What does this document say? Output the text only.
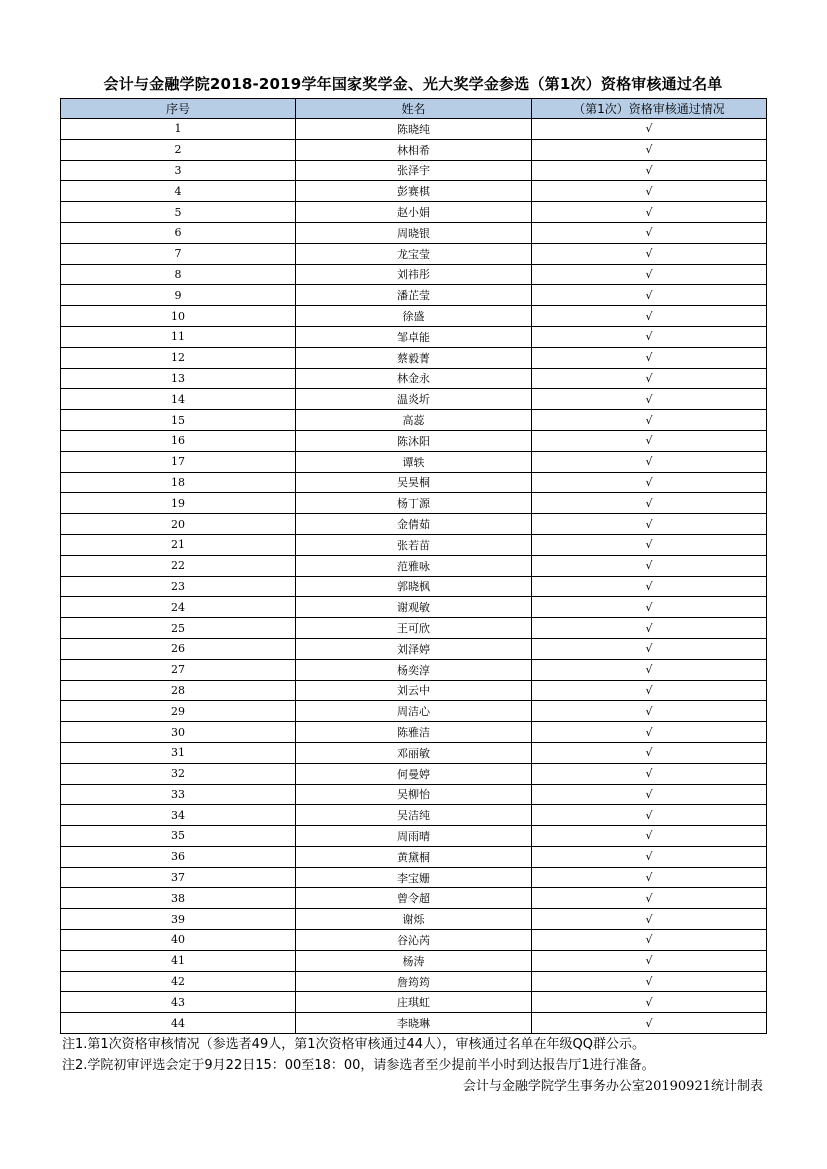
会计与金融学院2018-2019学年国家奖学金、光大奖学金参选（第1次）资格审核通过名单
序号	姓名	（第1次）资格审核通过情况
1	陈晓纯	√
2	林相希	√
3	张泽宇	√
4	彭赛棋	√
5	赵小娟	√
6	周晓银	√
7	龙宝莹	√
8	刘祎彤	√
9	潘芷莹	√
10	徐盛	√
11	邹卓能	√
12	蔡毅菁	√
13	林金永	√
14	温炎圻	√
15	高蕊	√
16	陈沐阳	√
17	谭轶	√
18	吴昊桐	√
19	杨丁源	√
20	金倩茹	√
21	张若苗	√
22	范雅咏	√
23	郭晓枫	√
24	谢观敏	√
25	王可欣	√
26	刘泽婷	√
27	杨奕淳	√
28	刘云中	√
29	周洁心	√
30	陈雅洁	√
31	邓丽敏	√
32	何曼婷	√
33	吴柳怡	√
34	吴洁纯	√
35	周雨晴	√
36	黄黛桐	√
37	李宝姗	√
38	曾令超	√
39	谢烁	√
40	谷沁芮	√
41	杨涛	√
42	詹筠筠	√
43	庄琪虹	√
44	李晓琳	√
注1.第1次资格审核情况（参选者49人，第1次资格审核通过44人），审核通过名单在年级QQ群公示。
注2.学院初审评选会定于9月22日15：00至18：00，请参选者至少提前半小时到达报告厅1进行准备。
会计与金融学院学生事务办公室20190921统计制表
